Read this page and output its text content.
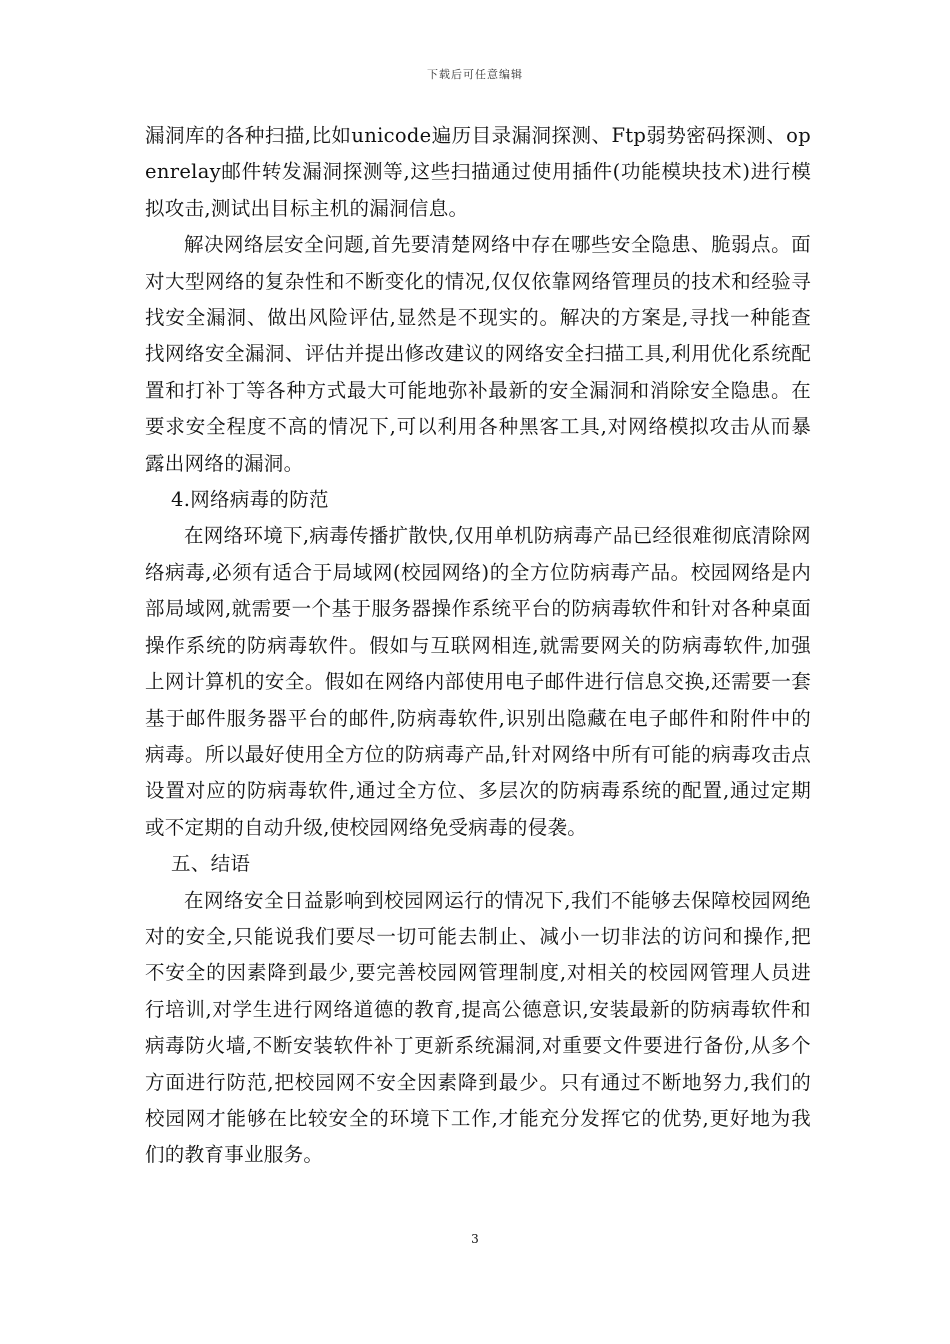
下载后可任意编辑

漏洞库的各种扫描,比如unicode遍历目录漏洞探测、Ftp弱势密码探测、openrelay邮件转发漏洞探测等,这些扫描通过使用插件(功能模块技术)进行模拟攻击,测试出目标主机的漏洞信息。

解决网络层安全问题,首先要清楚网络中存在哪些安全隐患、脆弱点。面对大型网络的复杂性和不断变化的情况,仅仅依靠网络管理员的技术和经验寻找安全漏洞、做出风险评估,显然是不现实的。解决的方案是,寻找一种能查找网络安全漏洞、评估并提出修改建议的网络安全扫描工具,利用优化系统配置和打补丁等各种方式最大可能地弥补最新的安全漏洞和消除安全隐患。在要求安全程度不高的情况下,可以利用各种黑客工具,对网络模拟攻击从而暴露出网络的漏洞。

4.网络病毒的防范

在网络环境下,病毒传播扩散快,仅用单机防病毒产品已经很难彻底清除网络病毒,必须有适合于局域网(校园网络)的全方位防病毒产品。校园网络是内部局域网,就需要一个基于服务器操作系统平台的防病毒软件和针对各种桌面操作系统的防病毒软件。假如与互联网相连,就需要网关的防病毒软件,加强上网计算机的安全。假如在网络内部使用电子邮件进行信息交换,还需要一套基于邮件服务器平台的邮件,防病毒软件,识别出隐藏在电子邮件和附件中的病毒。所以最好使用全方位的防病毒产品,针对网络中所有可能的病毒攻击点设置对应的防病毒软件,通过全方位、多层次的防病毒系统的配置,通过定期或不定期的自动升级,使校园网络免受病毒的侵袭。

五、结语

在网络安全日益影响到校园网运行的情况下,我们不能够去保障校园网绝对的安全,只能说我们要尽一切可能去制止、减小一切非法的访问和操作,把不安全的因素降到最少,要完善校园网管理制度,对相关的校园网管理人员进行培训,对学生进行网络道德的教育,提高公德意识,安装最新的防病毒软件和病毒防火墙,不断安装软件补丁更新系统漏洞,对重要文件要进行备份,从多个方面进行防范,把校园网不安全因素降到最少。只有通过不断地努力,我们的校园网才能够在比较安全的环境下工作,才能充分发挥它的优势,更好地为我们的教育事业服务。

3
